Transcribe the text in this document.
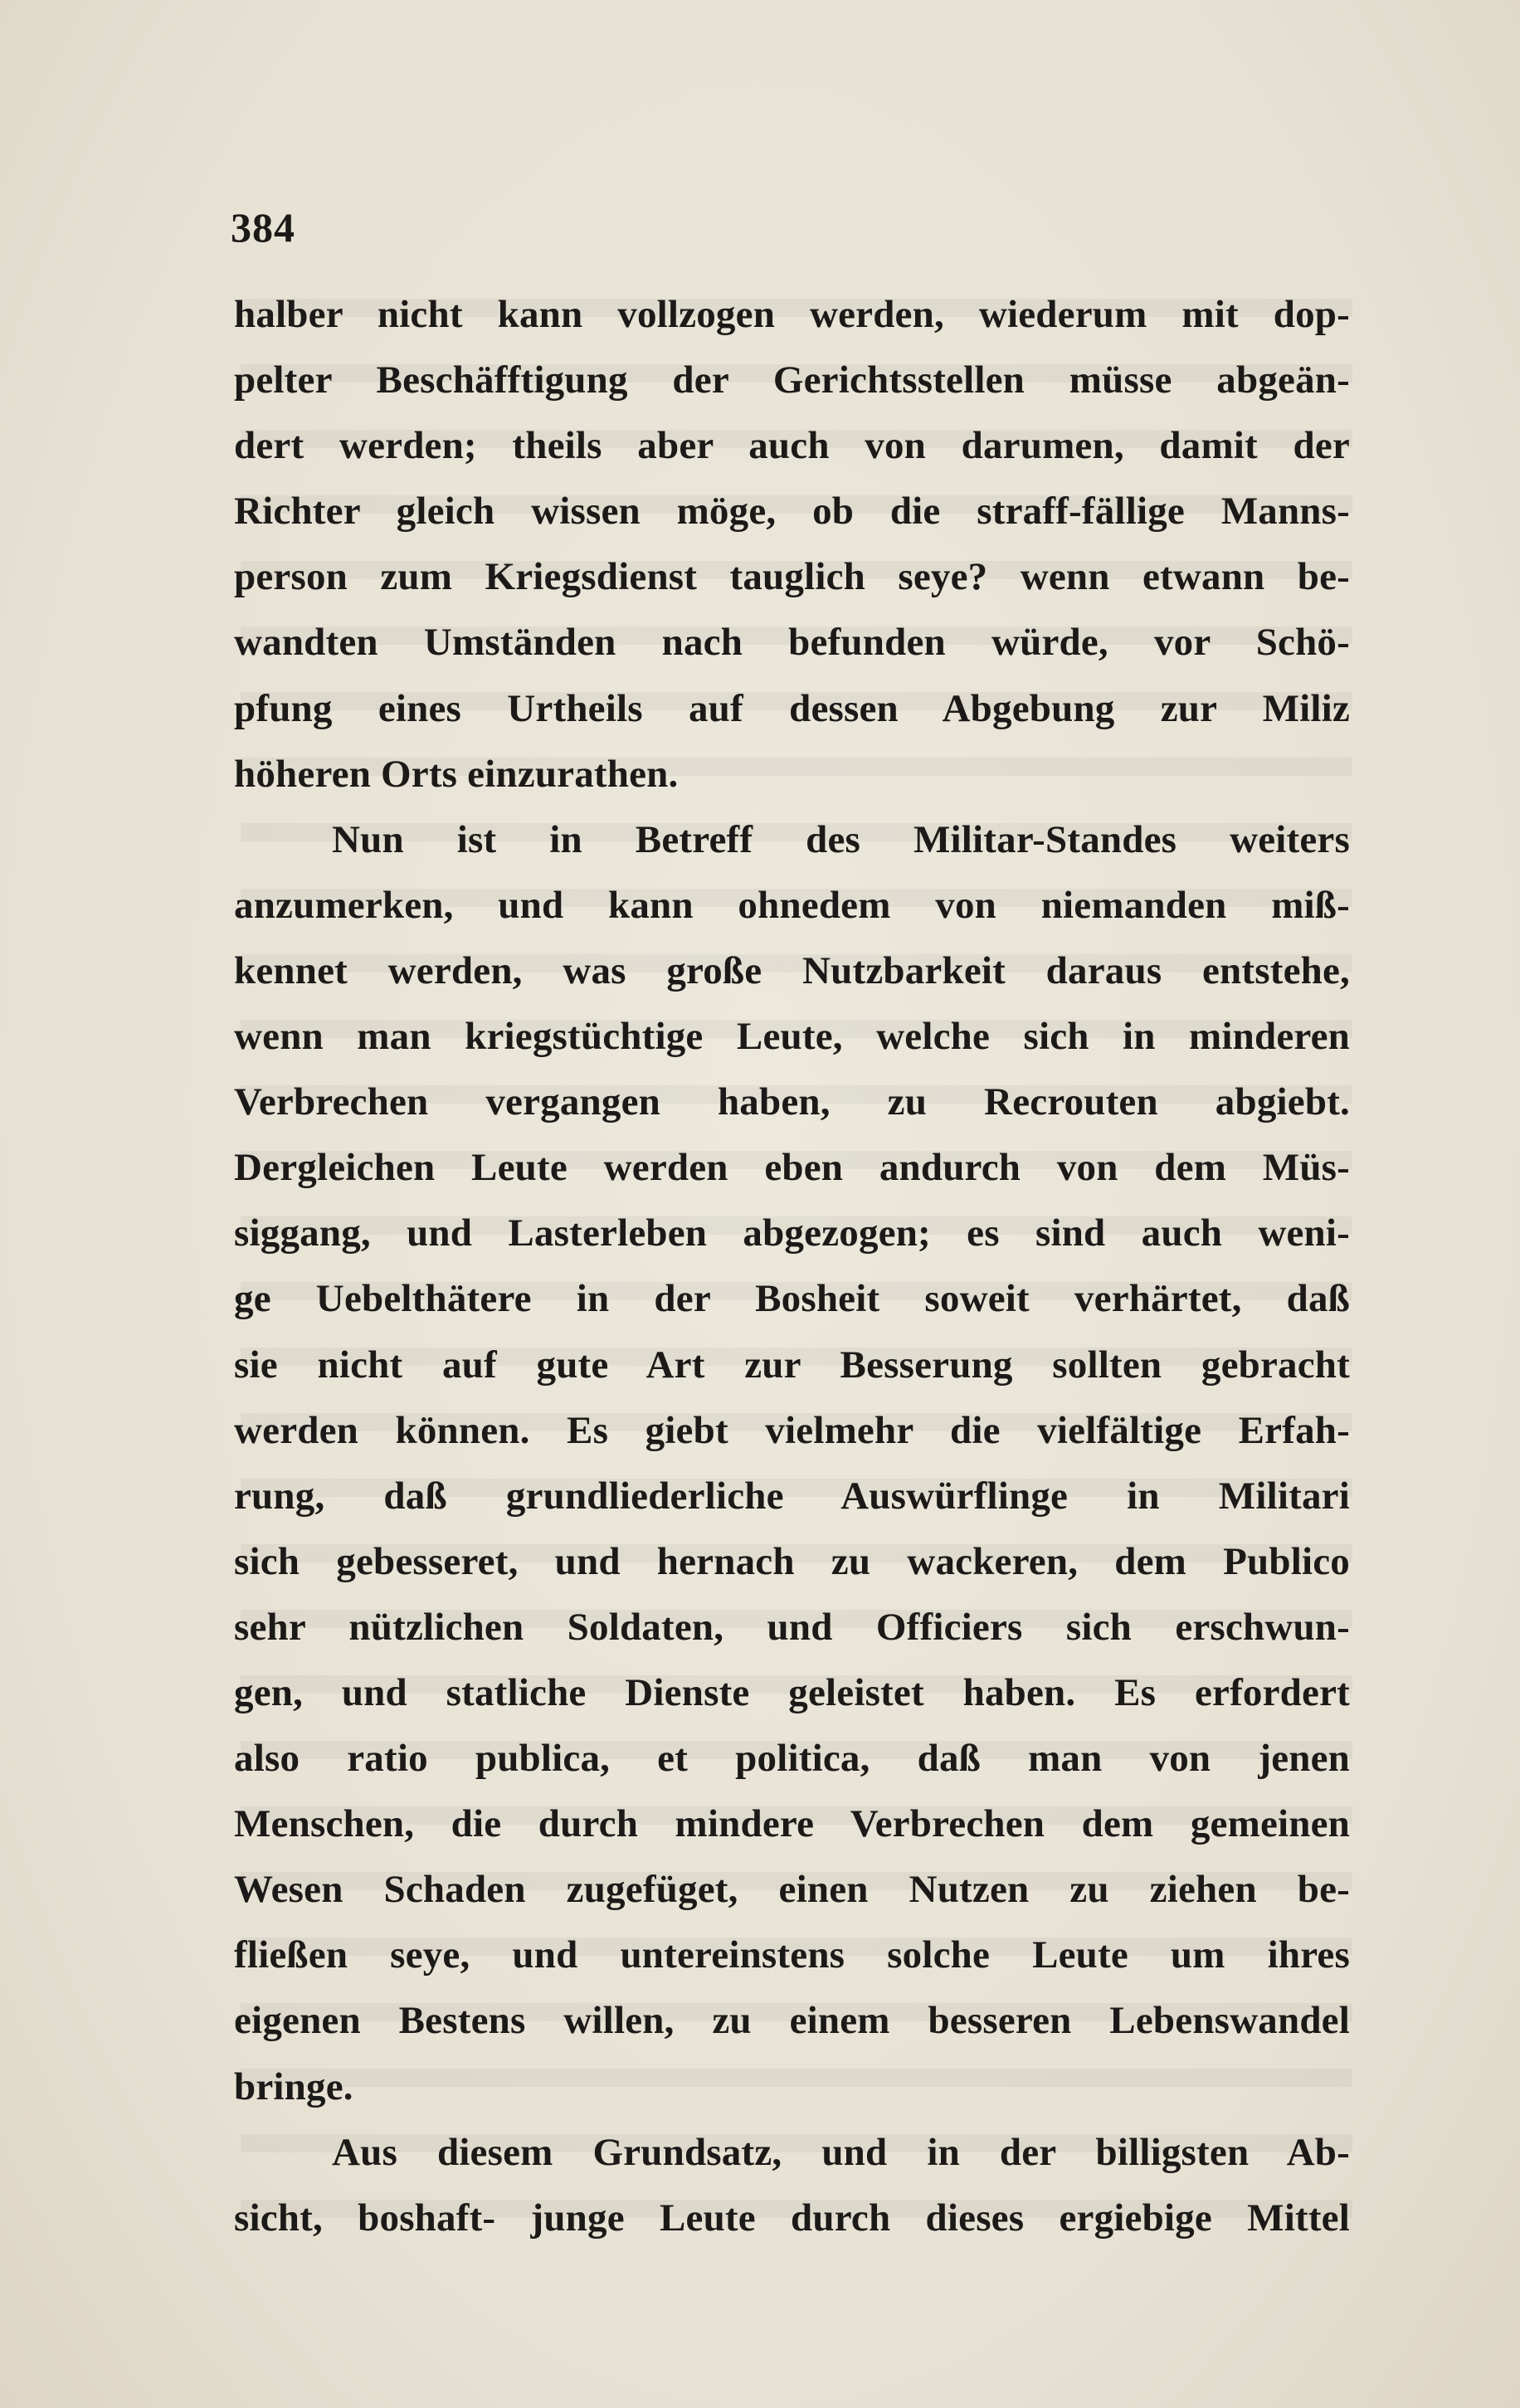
384
halber nicht kann vollzogen werden, wiederum mit dop-
pelter Beschäfftigung der Gerichtsstellen müsse abgeän-
dert werden; theils aber auch von darumen, damit der
Richter gleich wissen möge, ob die straff-fällige Manns-
person zum Kriegsdienst tauglich seye? wenn etwann be-
wandten Umständen nach befunden würde, vor Schö-
pfung eines Urtheils auf dessen Abgebung zur Miliz
höheren Orts einzurathen.
Nun ist in Betreff des Militar-Standes weiters
anzumerken, und kann ohnedem von niemanden miß-
kennet werden, was große Nutzbarkeit daraus entstehe,
wenn man kriegstüchtige Leute, welche sich in minderen
Verbrechen vergangen haben, zu Recrouten abgiebt.
Dergleichen Leute werden eben andurch von dem Müs-
siggang, und Lasterleben abgezogen; es sind auch weni-
ge Uebelthätere in der Bosheit soweit verhärtet, daß
sie nicht auf gute Art zur Besserung sollten gebracht
werden können. Es giebt vielmehr die vielfältige Erfah-
rung, daß grundliederliche Auswürflinge in Militari
sich gebesseret, und hernach zu wackeren, dem Publico
sehr nützlichen Soldaten, und Officiers sich erschwun-
gen, und statliche Dienste geleistet haben. Es erfordert
also ratio publica, et politica, daß man von jenen
Menschen, die durch mindere Verbrechen dem gemeinen
Wesen Schaden zugefüget, einen Nutzen zu ziehen be-
fließen seye, und untereinstens solche Leute um ihres
eigenen Bestens willen, zu einem besseren Lebenswandel
bringe.
Aus diesem Grundsatz, und in der billigsten Ab-
sicht, boshaft- junge Leute durch dieses ergiebige Mittel
